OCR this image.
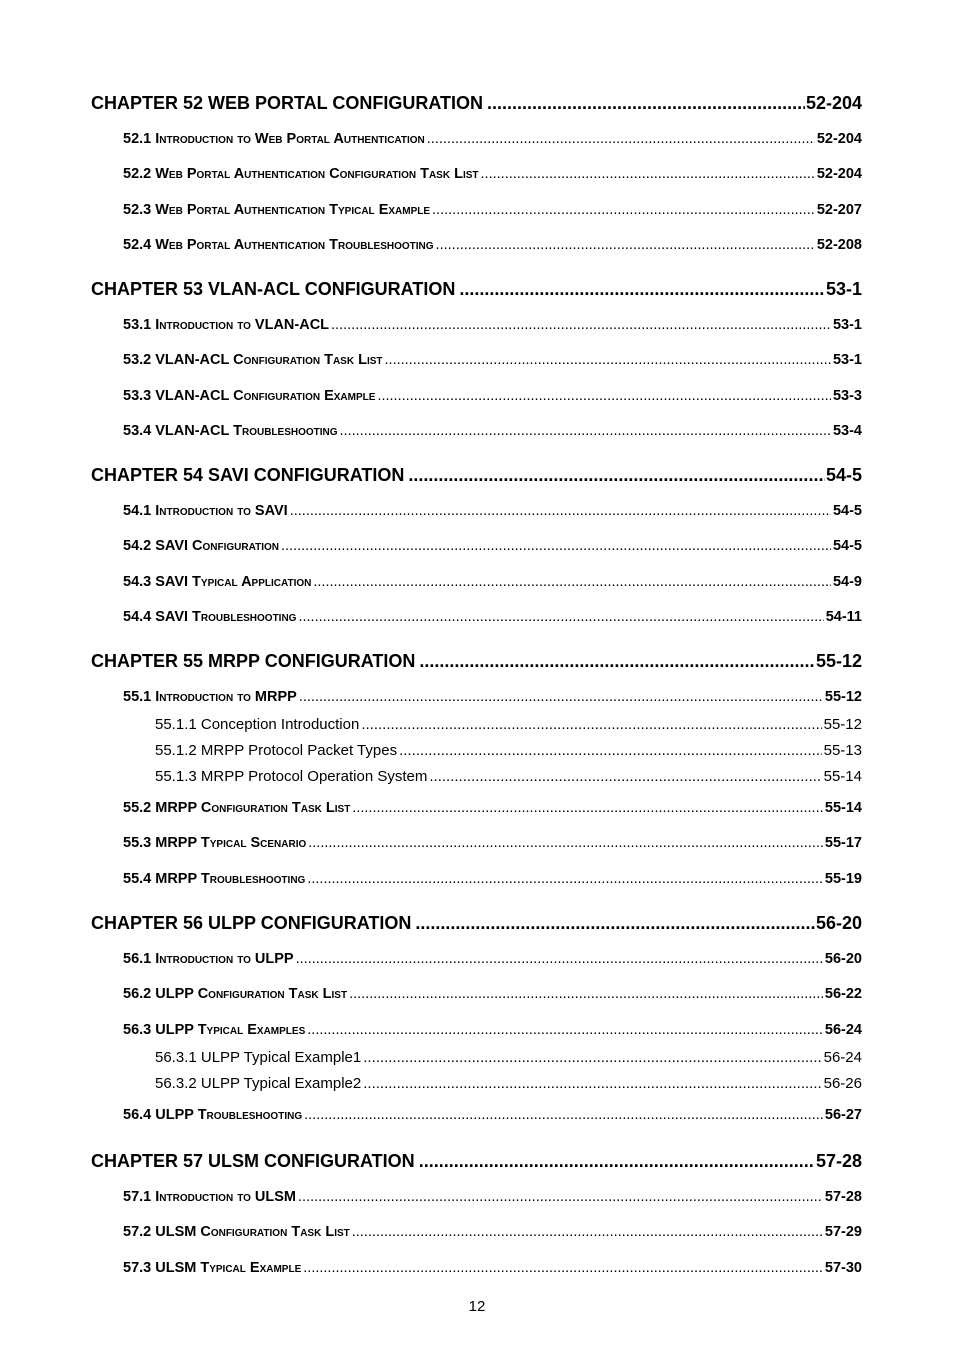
CHAPTER 52 WEB PORTAL CONFIGURATION .....	52-204
52.1 Introduction to Web Portal Authentication .....	52-204
52.2 Web Portal Authentication Configuration Task List .....	52-204
52.3 Web Portal Authentication Typical Example .....	52-207
52.4 Web Portal Authentication Troubleshooting .....	52-208
CHAPTER 53 VLAN-ACL CONFIGURATION .....	53-1
53.1 Introduction to VLAN-ACL .....	53-1
53.2 VLAN-ACL Configuration Task List .....	53-1
53.3 VLAN-ACL Configuration Example .....	53-3
53.4 VLAN-ACL Troubleshooting .....	53-4
CHAPTER 54 SAVI CONFIGURATION .....	54-5
54.1 Introduction to SAVI .....	54-5
54.2 SAVI Configuration .....	54-5
54.3 SAVI Typical Application .....	54-9
54.4 SAVI Troubleshooting .....	54-11
CHAPTER 55 MRPP CONFIGURATION .....	55-12
55.1 Introduction to MRPP .....	55-12
55.1.1 Conception Introduction .....	55-12
55.1.2 MRPP Protocol Packet Types .....	55-13
55.1.3 MRPP Protocol Operation System .....	55-14
55.2 MRPP Configuration Task List .....	55-14
55.3 MRPP Typical Scenario .....	55-17
55.4 MRPP Troubleshooting .....	55-19
CHAPTER 56 ULPP CONFIGURATION .....	56-20
56.1 Introduction to ULPP .....	56-20
56.2 ULPP Configuration Task List .....	56-22
56.3 ULPP Typical Examples .....	56-24
56.3.1 ULPP Typical Example1 .....	56-24
56.3.2 ULPP Typical Example2 .....	56-26
56.4 ULPP Troubleshooting .....	56-27
CHAPTER 57 ULSM CONFIGURATION .....	57-28
57.1 Introduction to ULSM .....	57-28
57.2 ULSM Configuration Task List .....	57-29
57.3 ULSM Typical Example .....	57-30
12
